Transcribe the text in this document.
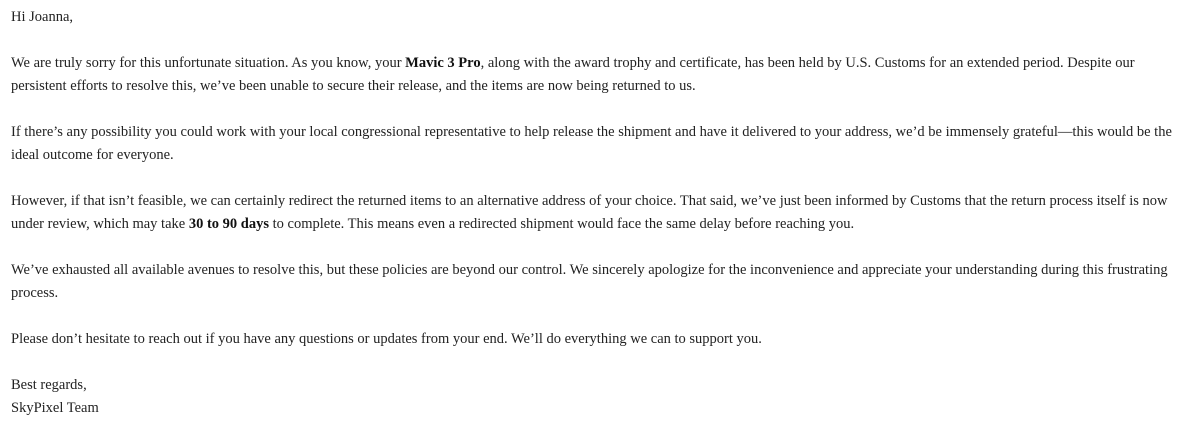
Hi Joanna,

We are truly sorry for this unfortunate situation. As you know, your Mavic 3 Pro, along with the award trophy and certificate, has been held by U.S. Customs for an extended period. Despite our persistent efforts to resolve this, we’ve been unable to secure their release, and the items are now being returned to us.

If there’s any possibility you could work with your local congressional representative to help release the shipment and have it delivered to your address, we’d be immensely grateful—this would be the ideal outcome for everyone.

However, if that isn’t feasible, we can certainly redirect the returned items to an alternative address of your choice. That said, we’ve just been informed by Customs that the return process itself is now under review, which may take 30 to 90 days to complete. This means even a redirected shipment would face the same delay before reaching you.

We’ve exhausted all available avenues to resolve this, but these policies are beyond our control. We sincerely apologize for the inconvenience and appreciate your understanding during this frustrating process.

Please don’t hesitate to reach out if you have any questions or updates from your end. We’ll do everything we can to support you.

Best regards,

SkyPixel Team
